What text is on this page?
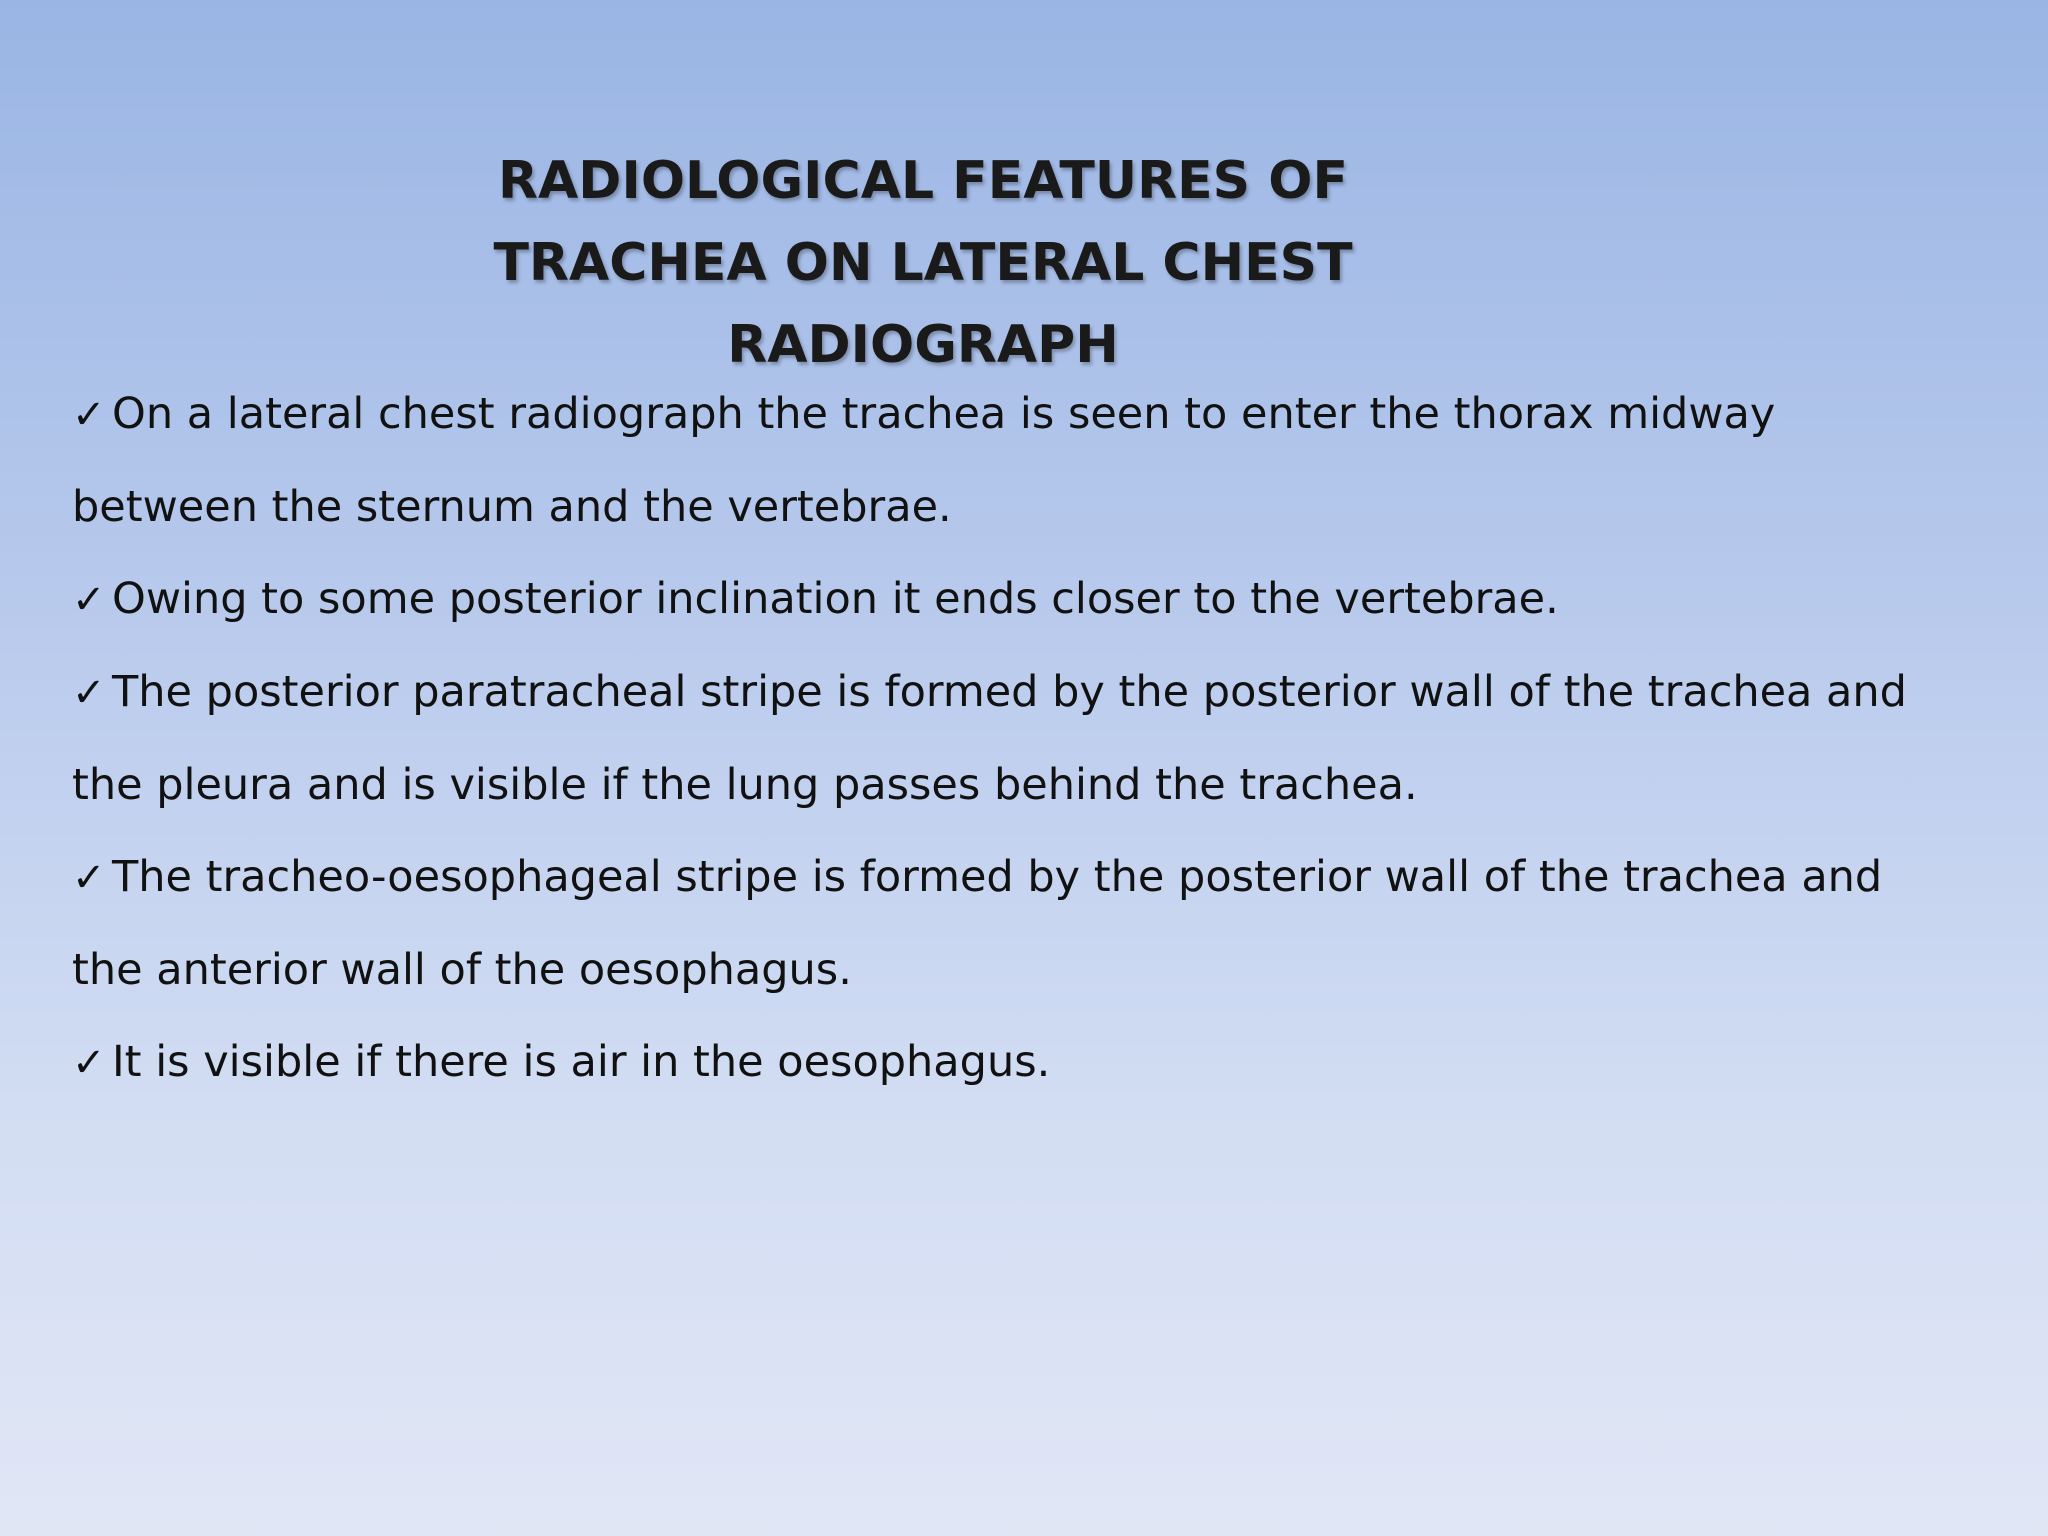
RADIOLOGICAL FEATURES OF
TRACHEA ON LATERAL CHEST
RADIOGRAPH
✓ On a lateral chest radiograph the trachea is seen to enter the thorax midway between the sternum and the vertebrae.
✓ Owing to some posterior inclination it ends closer to the vertebrae.
✓ The posterior paratracheal stripe is formed by the posterior wall of the trachea and the pleura and is visible if the lung passes behind the trachea.
✓ The tracheo-oesophageal stripe is formed by the posterior wall of the trachea and the anterior wall of the oesophagus.
✓ It is visible if there is air in the oesophagus.
